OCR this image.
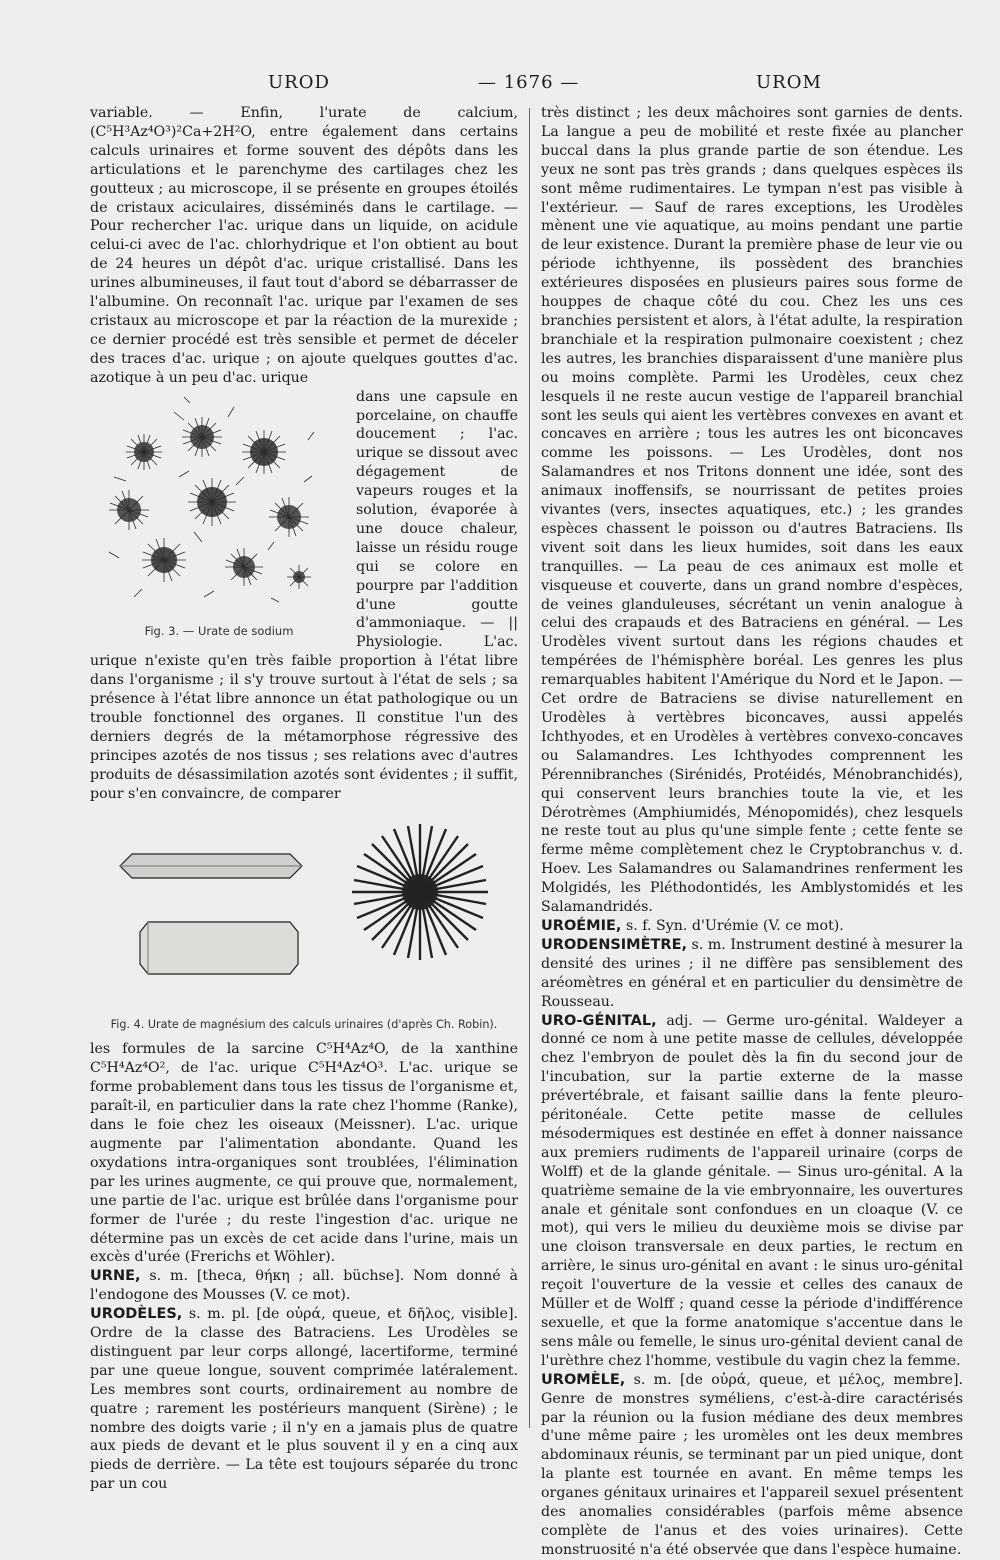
UROD	— 1676 —	UROM

variable. — Enfin, l'urate de calcium, (C⁵H³Az⁴O³)²Ca+2H²O, entre également dans certains calculs urinaires et forme souvent des dépôts dans les articulations et le parenchyme des cartilages chez les goutteux ; au microscope, il se présente en groupes étoilés de cristaux aciculaires, disséminés dans le cartilage. — Pour rechercher l'ac. urique dans un liquide, on acidule celui-ci avec de l'ac. chlorhydrique et l'on obtient au bout de 24 heures un dépôt d'ac. urique cristallisé. Dans les urines albumineuses, il faut tout d'abord se débarrasser de l'albumine. On reconnaît l'ac. urique par l'examen de ses cristaux au microscope et par la réaction de la murexide ; ce dernier procédé est très sensible et permet de déceler des traces d'ac. urique ; on ajoute quelques gouttes d'ac. azotique à un peu d'ac. urique

Fig. 3. — Urate de sodium

dans une capsule en porcelaine, on chauffe doucement ; l'ac. urique se dissout avec dégagement de vapeurs rouges et la solution, évaporée à une douce chaleur, laisse un résidu rouge qui se colore en pourpre par l'addition d'une goutte d'ammoniaque. — || Physiologie. L'ac. urique n'existe qu'en très faible proportion à l'état libre dans l'organisme ; il s'y trouve surtout à l'état de sels ; sa présence à l'état libre annonce un état pathologique ou un trouble fonctionnel des organes. Il constitue l'un des derniers degrés de la métamorphose régressive des principes azotés de nos tissus ; ses relations avec d'autres produits de désassimilation azotés sont évidentes ; il suffit, pour s'en convaincre, de comparer

Fig. 4. Urate de magnésium des calculs urinaires (d'après Ch. Robin).

les formules de la sarcine C⁵H⁴Az⁴O, de la xanthine C⁵H⁴Az⁴O², de l'ac. urique C⁵H⁴Az⁴O³. L'ac. urique se forme probablement dans tous les tissus de l'organisme et, paraît-il, en particulier dans la rate chez l'homme (Ranke), dans le foie chez les oiseaux (Meissner). L'ac. urique augmente par l'alimentation abondante. Quand les oxydations intra-organiques sont troublées, l'élimination par les urines augmente, ce qui prouve que, normalement, une partie de l'ac. urique est brûlée dans l'organisme pour former de l'urée ; du reste l'ingestion d'ac. urique ne détermine pas un excès de cet acide dans l'urine, mais un excès d'urée (Frerichs et Wöhler).

URNE, s. m. [theca, θήκη ; all. büchse]. Nom donné à l'endogone des Mousses (V. ce mot).

URODÈLES, s. m. pl. [de οὐρά, queue, et δῆλος, visible]. Ordre de la classe des Batraciens. Les Urodèles se distinguent par leur corps allongé, lacertiforme, terminé par une queue longue, souvent comprimée latéralement. Les membres sont courts, ordinairement au nombre de quatre ; rarement les postérieurs manquent (Sirène) ; le nombre des doigts varie ; il n'y en a jamais plus de quatre aux pieds de devant et le plus souvent il y en a cinq aux pieds de derrière. — La tête est toujours séparée du tronc par un cou

très distinct ; les deux mâchoires sont garnies de dents. La langue a peu de mobilité et reste fixée au plancher buccal dans la plus grande partie de son étendue. Les yeux ne sont pas très grands ; dans quelques espèces ils sont même rudimentaires. Le tympan n'est pas visible à l'extérieur. — Sauf de rares exceptions, les Urodèles mènent une vie aquatique, au moins pendant une partie de leur existence. Durant la première phase de leur vie ou période ichthyenne, ils possèdent des branchies extérieures disposées en plusieurs paires sous forme de houppes de chaque côté du cou. Chez les uns ces branchies persistent et alors, à l'état adulte, la respiration branchiale et la respiration pulmonaire coexistent ; chez les autres, les branchies disparaissent d'une manière plus ou moins complète. Parmi les Urodèles, ceux chez lesquels il ne reste aucun vestige de l'appareil branchial sont les seuls qui aient les vertèbres convexes en avant et concaves en arrière ; tous les autres les ont biconcaves comme les poissons. — Les Urodèles, dont nos Salamandres et nos Tritons donnent une idée, sont des animaux inoffensifs, se nourrissant de petites proies vivantes (vers, insectes aquatiques, etc.) ; les grandes espèces chassent le poisson ou d'autres Batraciens. Ils vivent soit dans les lieux humides, soit dans les eaux tranquilles. — La peau de ces animaux est molle et visqueuse et couverte, dans un grand nombre d'espèces, de veines glanduleuses, sécrétant un venin analogue à celui des crapauds et des Batraciens en général. — Les Urodèles vivent surtout dans les régions chaudes et tempérées de l'hémisphère boréal. Les genres les plus remarquables habitent l'Amérique du Nord et le Japon. — Cet ordre de Batraciens se divise naturellement en Urodèles à vertèbres biconcaves, aussi appelés Ichthyodes, et en Urodèles à vertèbres convexo-concaves ou Salamandres. Les Ichthyodes comprennent les Pérennibranches (Sirénidés, Protéidés, Ménobranchidés), qui conservent leurs branchies toute la vie, et les Dérotrèmes (Amphiumidés, Ménopomidés), chez lesquels ne reste tout au plus qu'une simple fente ; cette fente se ferme même complètement chez le Cryptobranchus v. d. Hoev. Les Salamandres ou Salamandrines renferment les Molgidés, les Pléthodontidés, les Amblystomidés et les Salamandridés.

UROÉMIE, s. f. Syn. d'Urémie (V. ce mot).

URODENSIMÈTRE, s. m. Instrument destiné à mesurer la densité des urines ; il ne diffère pas sensiblement des aréomètres en général et en particulier du densimètre de Rousseau.

URO-GÉNITAL, adj. — Germe uro-génital. Waldeyer a donné ce nom à une petite masse de cellules, développée chez l'embryon de poulet dès la fin du second jour de l'incubation, sur la partie externe de la masse prévertébrale, et faisant saillie dans la fente pleuro-péritonéale. Cette petite masse de cellules mésodermiques est destinée en effet à donner naissance aux premiers rudiments de l'appareil urinaire (corps de Wolff) et de la glande génitale. — Sinus uro-génital. A la quatrième semaine de la vie embryonnaire, les ouvertures anale et génitale sont confondues en un cloaque (V. ce mot), qui vers le milieu du deuxième mois se divise par une cloison transversale en deux parties, le rectum en arrière, le sinus uro-génital en avant : le sinus uro-génital reçoit l'ouverture de la vessie et celles des canaux de Müller et de Wolff ; quand cesse la période d'indifférence sexuelle, et que la forme anatomique s'accentue dans le sens mâle ou femelle, le sinus uro-génital devient canal de l'urèthre chez l'homme, vestibule du vagin chez la femme.

UROMÈLE, s. m. [de οὐρά, queue, et μέλος, membre]. Genre de monstres syméliens, c'est-à-dire caractérisés par la réunion ou la fusion médiane des deux membres d'une même paire ; les uromèles ont les deux membres abdominaux réunis, se terminant par un pied unique, dont la plante est tournée en avant. En même temps les organes génitaux urinaires et l'appareil sexuel présentent des anomalies considérables (parfois même absence complète de l'anus et des voies urinaires). Cette monstruosité n'a été observée que dans l'espèce humaine.
